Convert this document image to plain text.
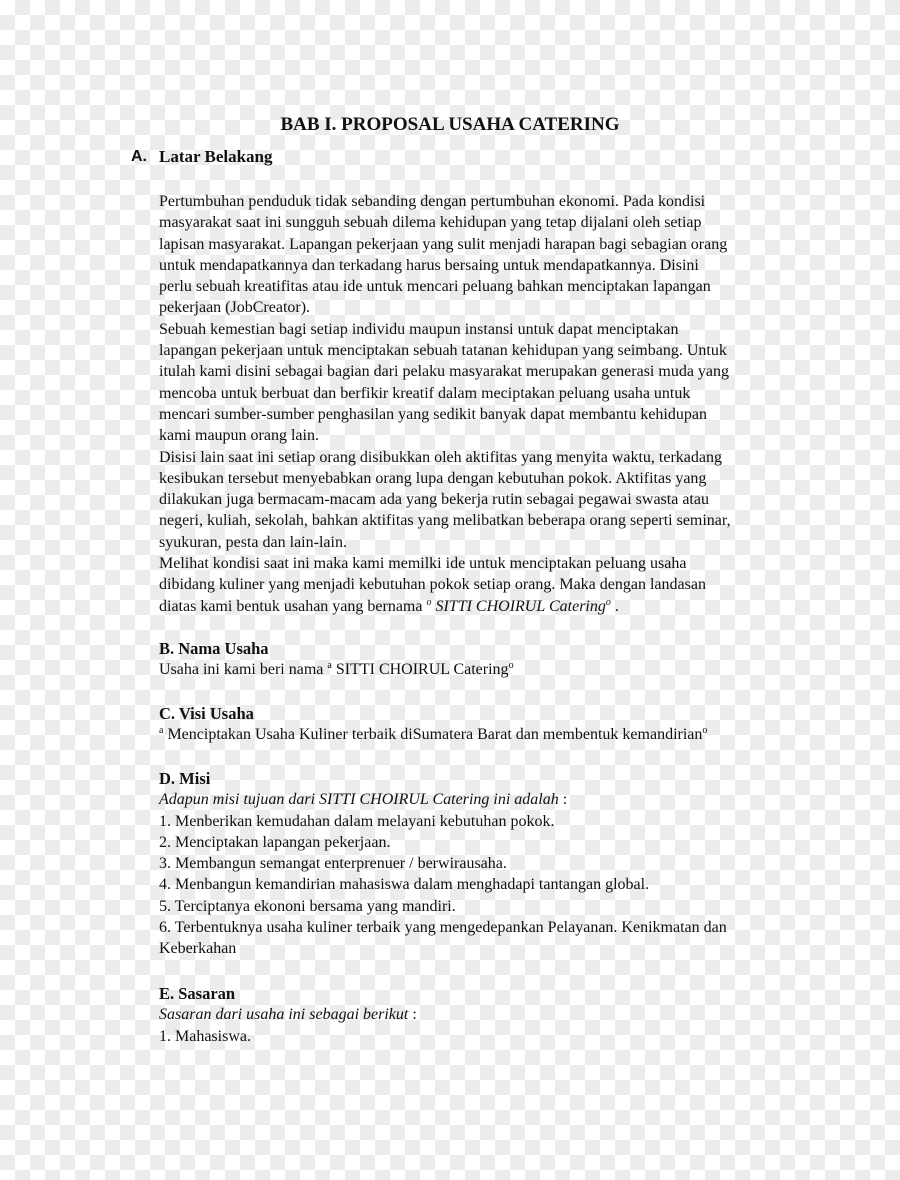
BAB I. PROPOSAL USAHA CATERING
A. Latar Belakang
Pertumbuhan penduduk tidak sebanding dengan pertumbuhan ekonomi. Pada kondisi
masyarakat saat ini sungguh sebuah dilema kehidupan yang tetap dijalani oleh setiap
lapisan masyarakat. Lapangan pekerjaan yang sulit menjadi harapan bagi sebagian orang
untuk mendapatkannya dan terkadang harus bersaing untuk mendapatkannya. Disini
perlu sebuah kreatifitas atau ide untuk mencari peluang bahkan menciptakan lapangan
pekerjaan (JobCreator).
Sebuah kemestian bagi setiap individu maupun instansi untuk dapat menciptakan
lapangan pekerjaan untuk menciptakan sebuah tatanan kehidupan yang seimbang. Untuk
itulah kami disini sebagai bagian dari pelaku masyarakat merupakan generasi muda yang
mencoba untuk berbuat dan berfikir kreatif dalam meciptakan peluang usaha untuk
mencari sumber-sumber penghasilan yang sedikit banyak dapat membantu kehidupan
kami maupun orang lain.
Disisi lain saat ini setiap orang disibukkan oleh aktifitas yang menyita waktu, terkadang
kesibukan tersebut menyebabkan orang lupa dengan kebutuhan pokok. Aktifitas yang
dilakukan juga bermacam-macam ada yang bekerja rutin sebagai pegawai swasta atau
negeri, kuliah, sekolah, bahkan aktifitas yang melibatkan beberapa orang seperti seminar,
syukuran, pesta dan lain-lain.
Melihat kondisi saat ini maka kami memilki ide untuk menciptakan peluang usaha
dibidang kuliner yang menjadi kebutuhan pokok setiap orang. Maka dengan landasan
diatas kami bentuk usahan yang bernama $^o$ SITTI CHOIRUL Catering$^o$ .
B. Nama Usaha
Usaha ini kami beri nama $^a$ SITTI CHOIRUL Catering$^o$
C. Visi Usaha
$^a$ Menciptakan Usaha Kuliner terbaik diSumatera Barat dan membentuk kemandirian$^o$
D. Misi
Adapun misi tujuan dari SITTI CHOIRUL Catering ini adalah :
1. Menberikan kemudahan dalam melayani kebutuhan pokok.
2. Menciptakan lapangan pekerjaan.
3. Membangun semangat enterprenuer / berwirausaha.
4. Menbangun kemandirian mahasiswa dalam menghadapi tantangan global.
5. Terciptanya ekononi bersama yang mandiri.
6. Terbentuknya usaha kuliner terbaik yang mengedepankan Pelayanan. Kenikmatan dan
Keberkahan
E. Sasaran
Sasaran dari usaha ini sebagai berikut :
1. Mahasiswa.
